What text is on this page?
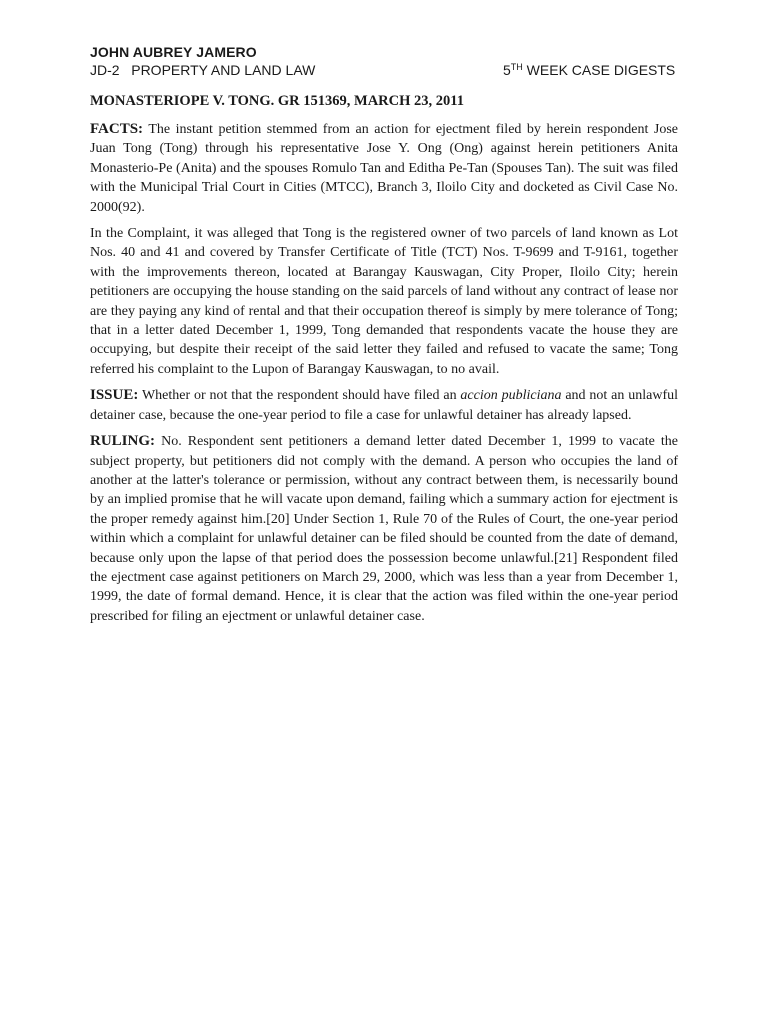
JOHN AUBREY JAMERO
JD-2   PROPERTY AND LAND LAW	5TH WEEK CASE DIGESTS
MONASTERIOPE V. TONG. GR 151369, MARCH 23, 2011

FACTS: The instant petition stemmed from an action for ejectment filed by herein respondent Jose Juan Tong (Tong) through his representative Jose Y. Ong (Ong) against herein petitioners Anita Monasterio-Pe (Anita) and the spouses Romulo Tan and Editha Pe-Tan (Spouses Tan). The suit was filed with the Municipal Trial Court in Cities (MTCC), Branch 3, Iloilo City and docketed as Civil Case No. 2000(92).

In the Complaint, it was alleged that Tong is the registered owner of two parcels of land known as Lot Nos. 40 and 41 and covered by Transfer Certificate of Title (TCT) Nos. T-9699 and T-9161, together with the improvements thereon, located at Barangay Kauswagan, City Proper, Iloilo City; herein petitioners are occupying the house standing on the said parcels of land without any contract of lease nor are they paying any kind of rental and that their occupation thereof is simply by mere tolerance of Tong; that in a letter dated December 1, 1999, Tong demanded that respondents vacate the house they are occupying, but despite their receipt of the said letter they failed and refused to vacate the same; Tong referred his complaint to the Lupon of Barangay Kauswagan, to no avail.

ISSUE: Whether or not that the respondent should have filed an accion publiciana and not an unlawful detainer case, because the one-year period to file a case for unlawful detainer has already lapsed.

RULING: No. Respondent sent petitioners a demand letter dated December 1, 1999 to vacate the subject property, but petitioners did not comply with the demand. A person who occupies the land of another at the latter's tolerance or permission, without any contract between them, is necessarily bound by an implied promise that he will vacate upon demand, failing which a summary action for ejectment is the proper remedy against him.[20] Under Section 1, Rule 70 of the Rules of Court, the one-year period within which a complaint for unlawful detainer can be filed should be counted from the date of demand, because only upon the lapse of that period does the possession become unlawful.[21] Respondent filed the ejectment case against petitioners on March 29, 2000, which was less than a year from December 1, 1999, the date of formal demand. Hence, it is clear that the action was filed within the one-year period prescribed for filing an ejectment or unlawful detainer case.
